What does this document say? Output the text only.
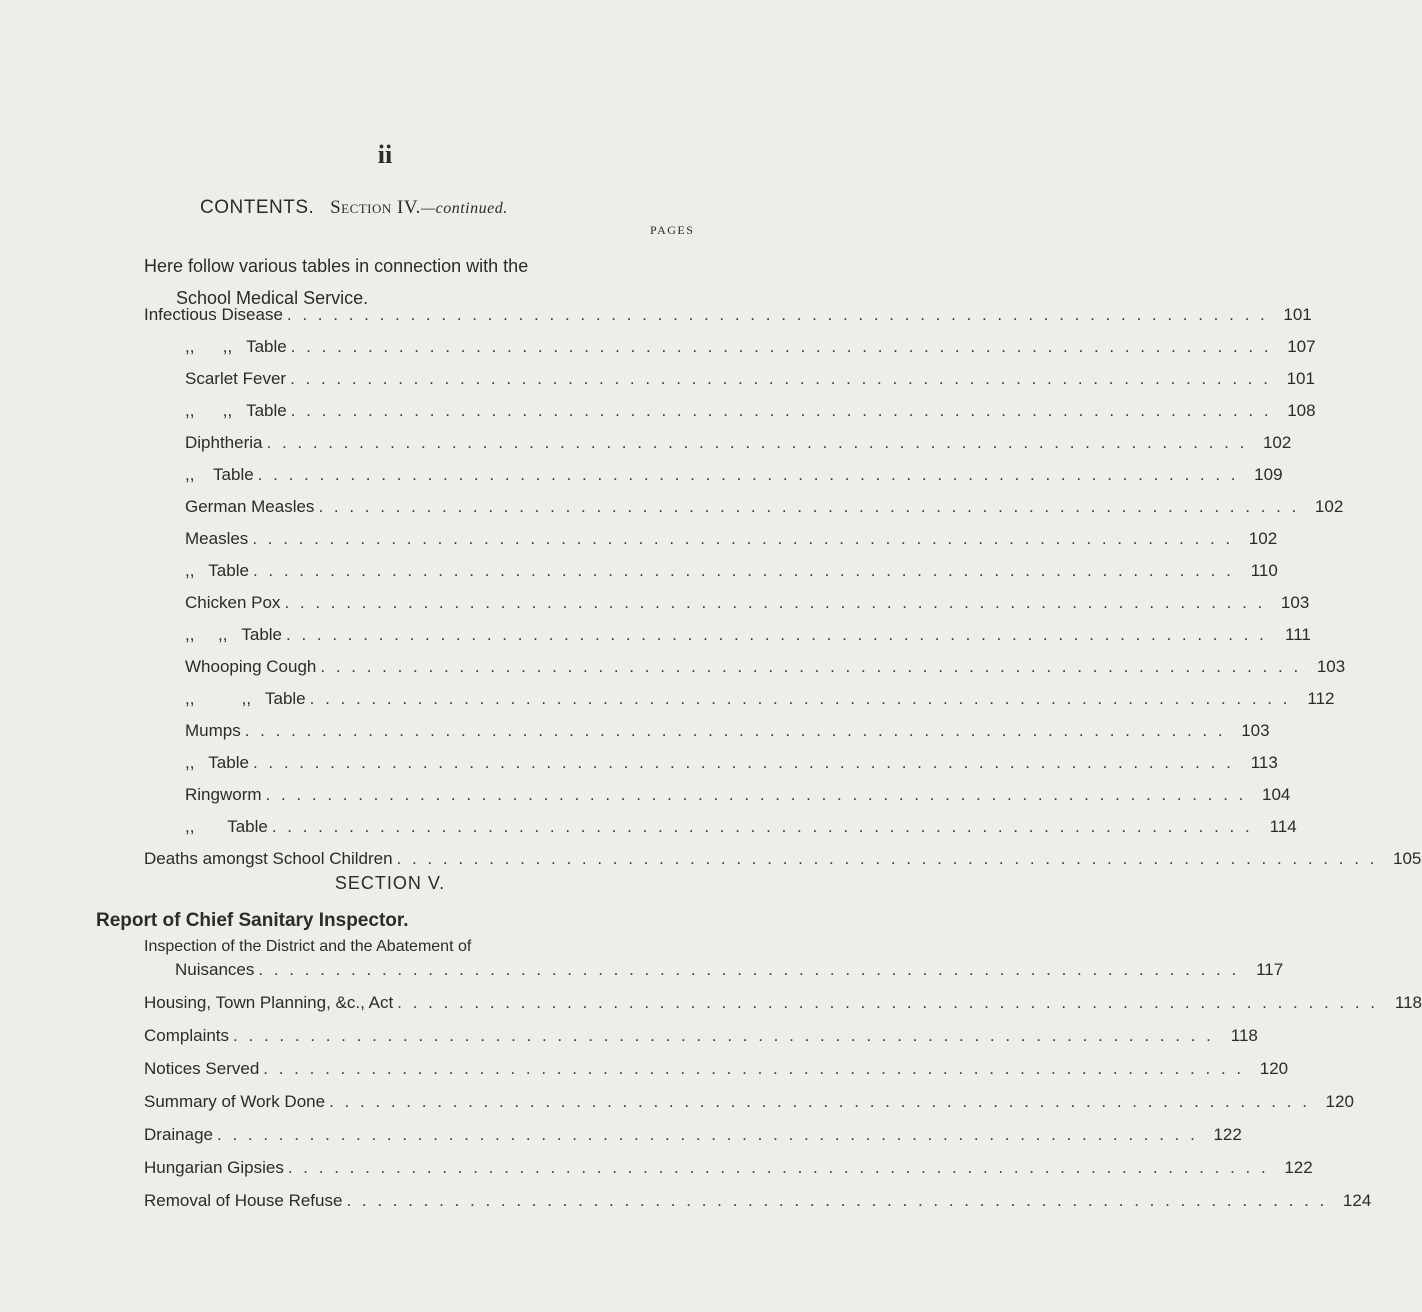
ii
CONTENTS. Section IV.—continued.
PAGES
Here follow various tables in connection with the
School Medical Service.
Infectious Disease . . . . . . . . . . . . . . . . . . . . . . . . . . . . . . . . . . . . . . . . . . . . . . . . . . . . . . . . . . . . . . . . 101
,,      ,,   Table . . . . . . . . . . . . . . . . . . . . . . . . . . . . . . . . . . . . . . . . . . . . . . . . . . . . . . . . . . . . . . . . 107
Scarlet Fever . . . . . . . . . . . . . . . . . . . . . . . . . . . . . . . . . . . . . . . . . . . . . . . . . . . . . . . . . . . . . . . . 101
,,      ,,   Table . . . . . . . . . . . . . . . . . . . . . . . . . . . . . . . . . . . . . . . . . . . . . . . . . . . . . . . . . . . . . . . . 108
Diphtheria . . . . . . . . . . . . . . . . . . . . . . . . . . . . . . . . . . . . . . . . . . . . . . . . . . . . . . . . . . . . . . . . 102
,,    Table . . . . . . . . . . . . . . . . . . . . . . . . . . . . . . . . . . . . . . . . . . . . . . . . . . . . . . . . . . . . . . . . 109
German Measles . . . . . . . . . . . . . . . . . . . . . . . . . . . . . . . . . . . . . . . . . . . . . . . . . . . . . . . . . . . . . . . . 102
Measles . . . . . . . . . . . . . . . . . . . . . . . . . . . . . . . . . . . . . . . . . . . . . . . . . . . . . . . . . . . . . . . . 102
,,   Table . . . . . . . . . . . . . . . . . . . . . . . . . . . . . . . . . . . . . . . . . . . . . . . . . . . . . . . . . . . . . . . . 110
Chicken Pox . . . . . . . . . . . . . . . . . . . . . . . . . . . . . . . . . . . . . . . . . . . . . . . . . . . . . . . . . . . . . . . . 103
,,     ,,   Table . . . . . . . . . . . . . . . . . . . . . . . . . . . . . . . . . . . . . . . . . . . . . . . . . . . . . . . . . . . . . . . .	111
Whooping Cough . . . . . . . . . . . . . . . . . . . . . . . . . . . . . . . . . . . . . . . . . . . . . . . . . . . . . . . . . . . . . . . . 103
,,          ,,   Table . . . . . . . . . . . . . . . . . . . . . . . . . . . . . . . . . . . . . . . . . . . . . . . . . . . . . . . . . . . . . . . . 112
Mumps . . . . . . . . . . . . . . . . . . . . . . . . . . . . . . . . . . . . . . . . . . . . . . . . . . . . . . . . . . . . . . . . 103
,,   Table . . . . . . . . . . . . . . . . . . . . . . . . . . . . . . . . . . . . . . . . . . . . . . . . . . . . . . . . . . . . . . . . 113
Ringworm . . . . . . . . . . . . . . . . . . . . . . . . . . . . . . . . . . . . . . . . . . . . . . . . . . . . . . . . . . . . . . . . 104
,,       Table . . . . . . . . . . . . . . . . . . . . . . . . . . . . . . . . . . . . . . . . . . . . . . . . . . . . . . . . . . . . . . . . 114
Deaths amongst School Children . . . . . . . . . . . . . . . . . . . . . . . . . . . . . . . . . . . . . . . . . . . . . . . . . . . . . . . . . . . . . . . . 105
SECTION V.
Report of Chief Sanitary Inspector.
Inspection of the District and the Abatement of
Nuisances . . . . . . . . . . . . . . . . . . . . . . . . . . . . . . . . . . . . . . . . . . . . . . . . . . . . . . . . . . . . . . . . 117
Housing, Town Planning, &c., Act . . . . . . . . . . . . . . . . . . . . . . . . . . . . . . . . . . . . . . . . . . . . . . . . . . . . . . . . . . . . . . . . 118
Complaints . . . . . . . . . . . . . . . . . . . . . . . . . . . . . . . . . . . . . . . . . . . . . . . . . . . . . . . . . . . . . . . . 118
Notices Served . . . . . . . . . . . . . . . . . . . . . . . . . . . . . . . . . . . . . . . . . . . . . . . . . . . . . . . . . . . . . . . . 120
Summary of Work Done . . . . . . . . . . . . . . . . . . . . . . . . . . . . . . . . . . . . . . . . . . . . . . . . . . . . . . . . . . . . . . . . 120
Drainage . . . . . . . . . . . . . . . . . . . . . . . . . . . . . . . . . . . . . . . . . . . . . . . . . . . . . . . . . . . . . . . . 122
Hungarian Gipsies . . . . . . . . . . . . . . . . . . . . . . . . . . . . . . . . . . . . . . . . . . . . . . . . . . . . . . . . . . . . . . . . 122
Removal of House Refuse . . . . . . . . . . . . . . . . . . . . . . . . . . . . . . . . . . . . . . . . . . . . . . . . . . . . . . . . . . . . . . . . 124
